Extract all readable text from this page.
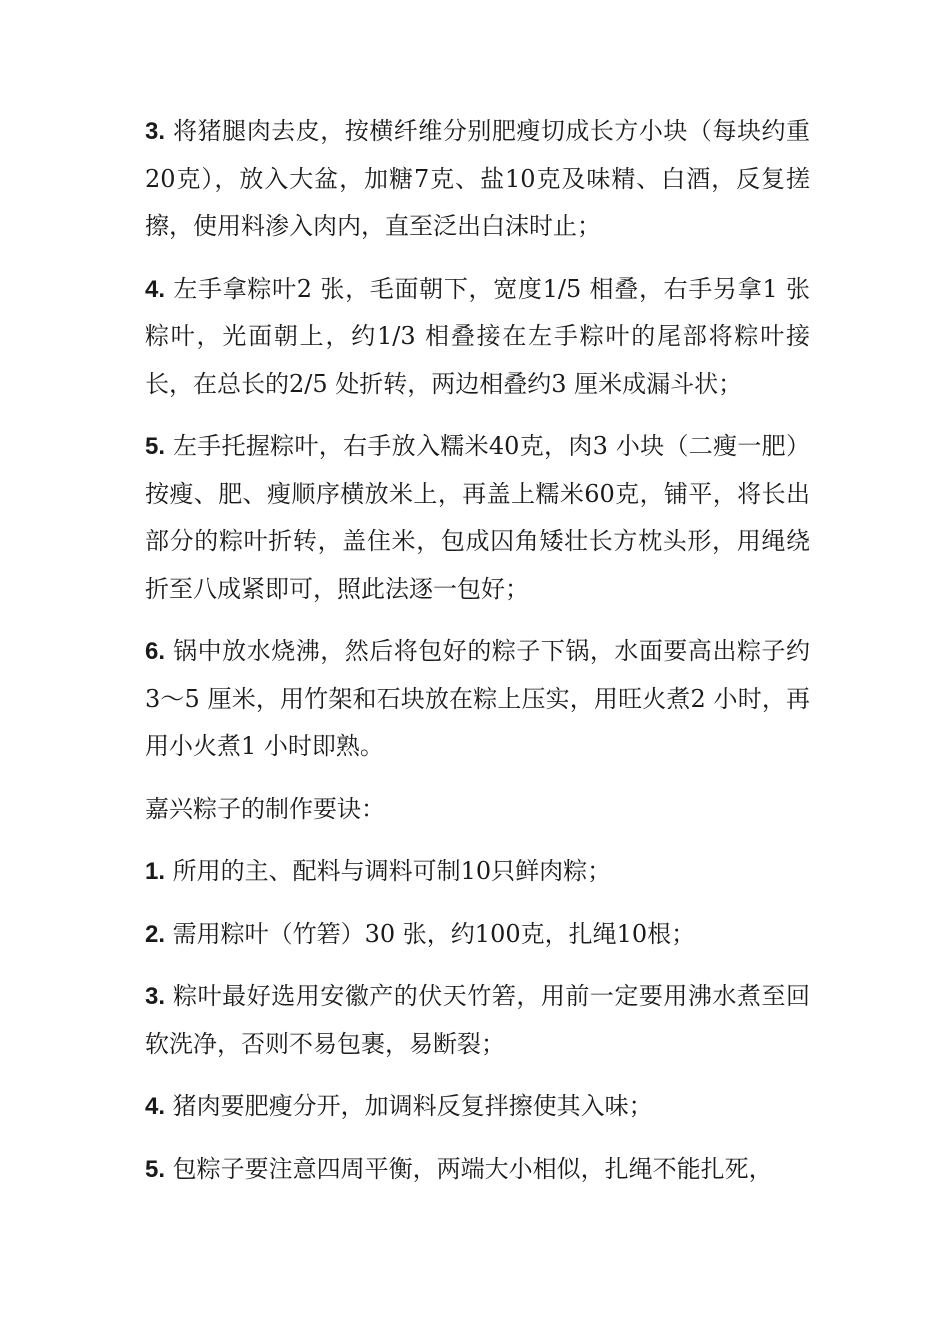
3. 将猪腿肉去皮，按横纤维分别肥瘦切成长方小块（每块约重20克），放入大盆，加糖7克、盐10克及味精、白酒，反复搓擦，使用料渗入肉内，直至泛出白沫时止；

4. 左手拿粽叶2 张，毛面朝下，宽度1/5 相叠，右手另拿1 张粽叶，光面朝上，约1/3 相叠接在左手粽叶的尾部将粽叶接长，在总长的2/5 处折转，两边相叠约3 厘米成漏斗状；

5. 左手托握粽叶，右手放入糯米40克，肉3 小块（二瘦一肥）按瘦、肥、瘦顺序横放米上，再盖上糯米60克，铺平，将长出部分的粽叶折转，盖住米，包成囚角矮壮长方枕头形，用绳绕折至八成紧即可，照此法逐一包好；

6. 锅中放水烧沸，然后将包好的粽子下锅，水面要高出粽子约3～5 厘米，用竹架和石块放在粽上压实，用旺火煮2 小时，再用小火煮1 小时即熟。

嘉兴粽子的制作要诀：

1. 所用的主、配料与调料可制10只鲜肉粽；

2. 需用粽叶（竹箬）30 张，约100克，扎绳10根；

3. 粽叶最好选用安徽产的伏天竹箬，用前一定要用沸水煮至回软洗净，否则不易包裹，易断裂；

4. 猪肉要肥瘦分开，加调料反复拌擦使其入味；

5. 包粽子要注意四周平衡，两端大小相似，扎绳不能扎死，
